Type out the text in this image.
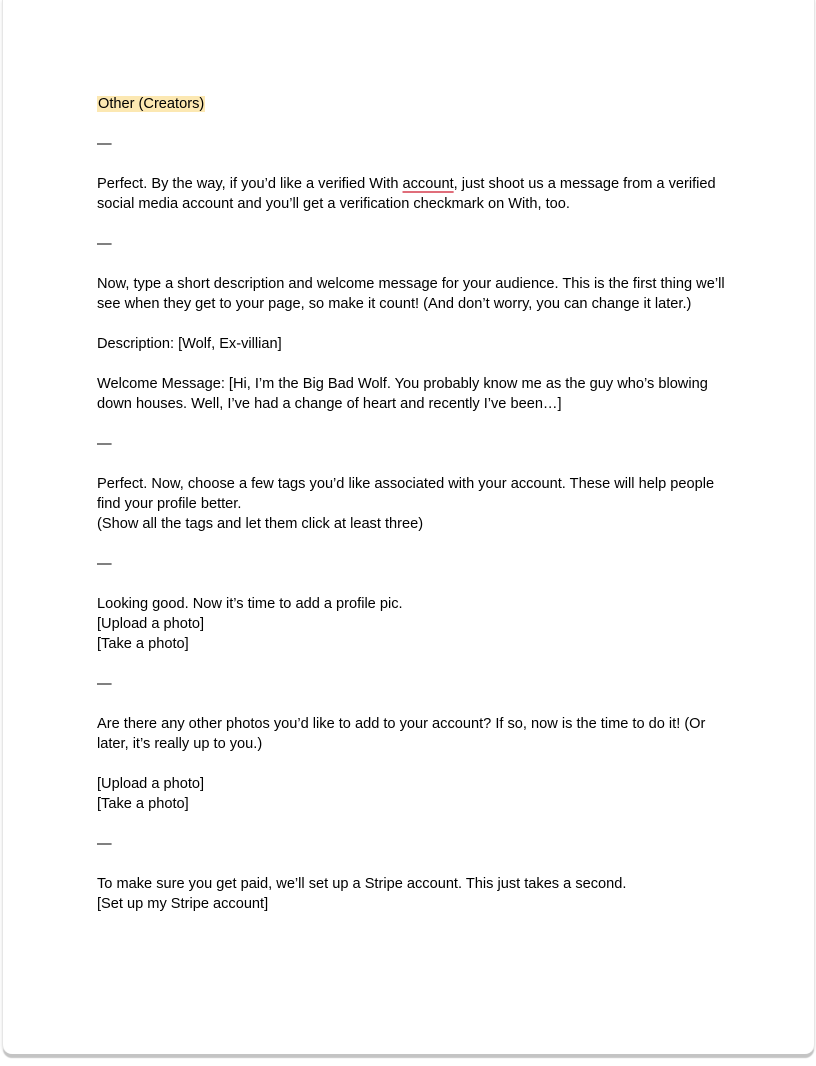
Other (Creators)
—
Perfect. By the way, if you’d like a verified With account, just shoot us a message from a verified social media account and you’ll get a verification checkmark on With, too.
—
Now, type a short description and welcome message for your audience. This is the first thing we’ll see when they get to your page, so make it count! (And don’t worry, you can change it later.)
Description: [Wolf, Ex-villian]
Welcome Message: [Hi, I’m the Big Bad Wolf. You probably know me as the guy who’s blowing down houses. Well, I’ve had a change of heart and recently I’ve been…]
—
Perfect. Now, choose a few tags you’d like associated with your account. These will help people find your profile better.
(Show all the tags and let them click at least three)
—
Looking good. Now it’s time to add a profile pic.
[Upload a photo]
[Take a photo]
—
Are there any other photos you’d like to add to your account? If so, now is the time to do it! (Or later, it’s really up to you.)
[Upload a photo]
[Take a photo]
—
To make sure you get paid, we’ll set up a Stripe account. This just takes a second.
[Set up my Stripe account]
